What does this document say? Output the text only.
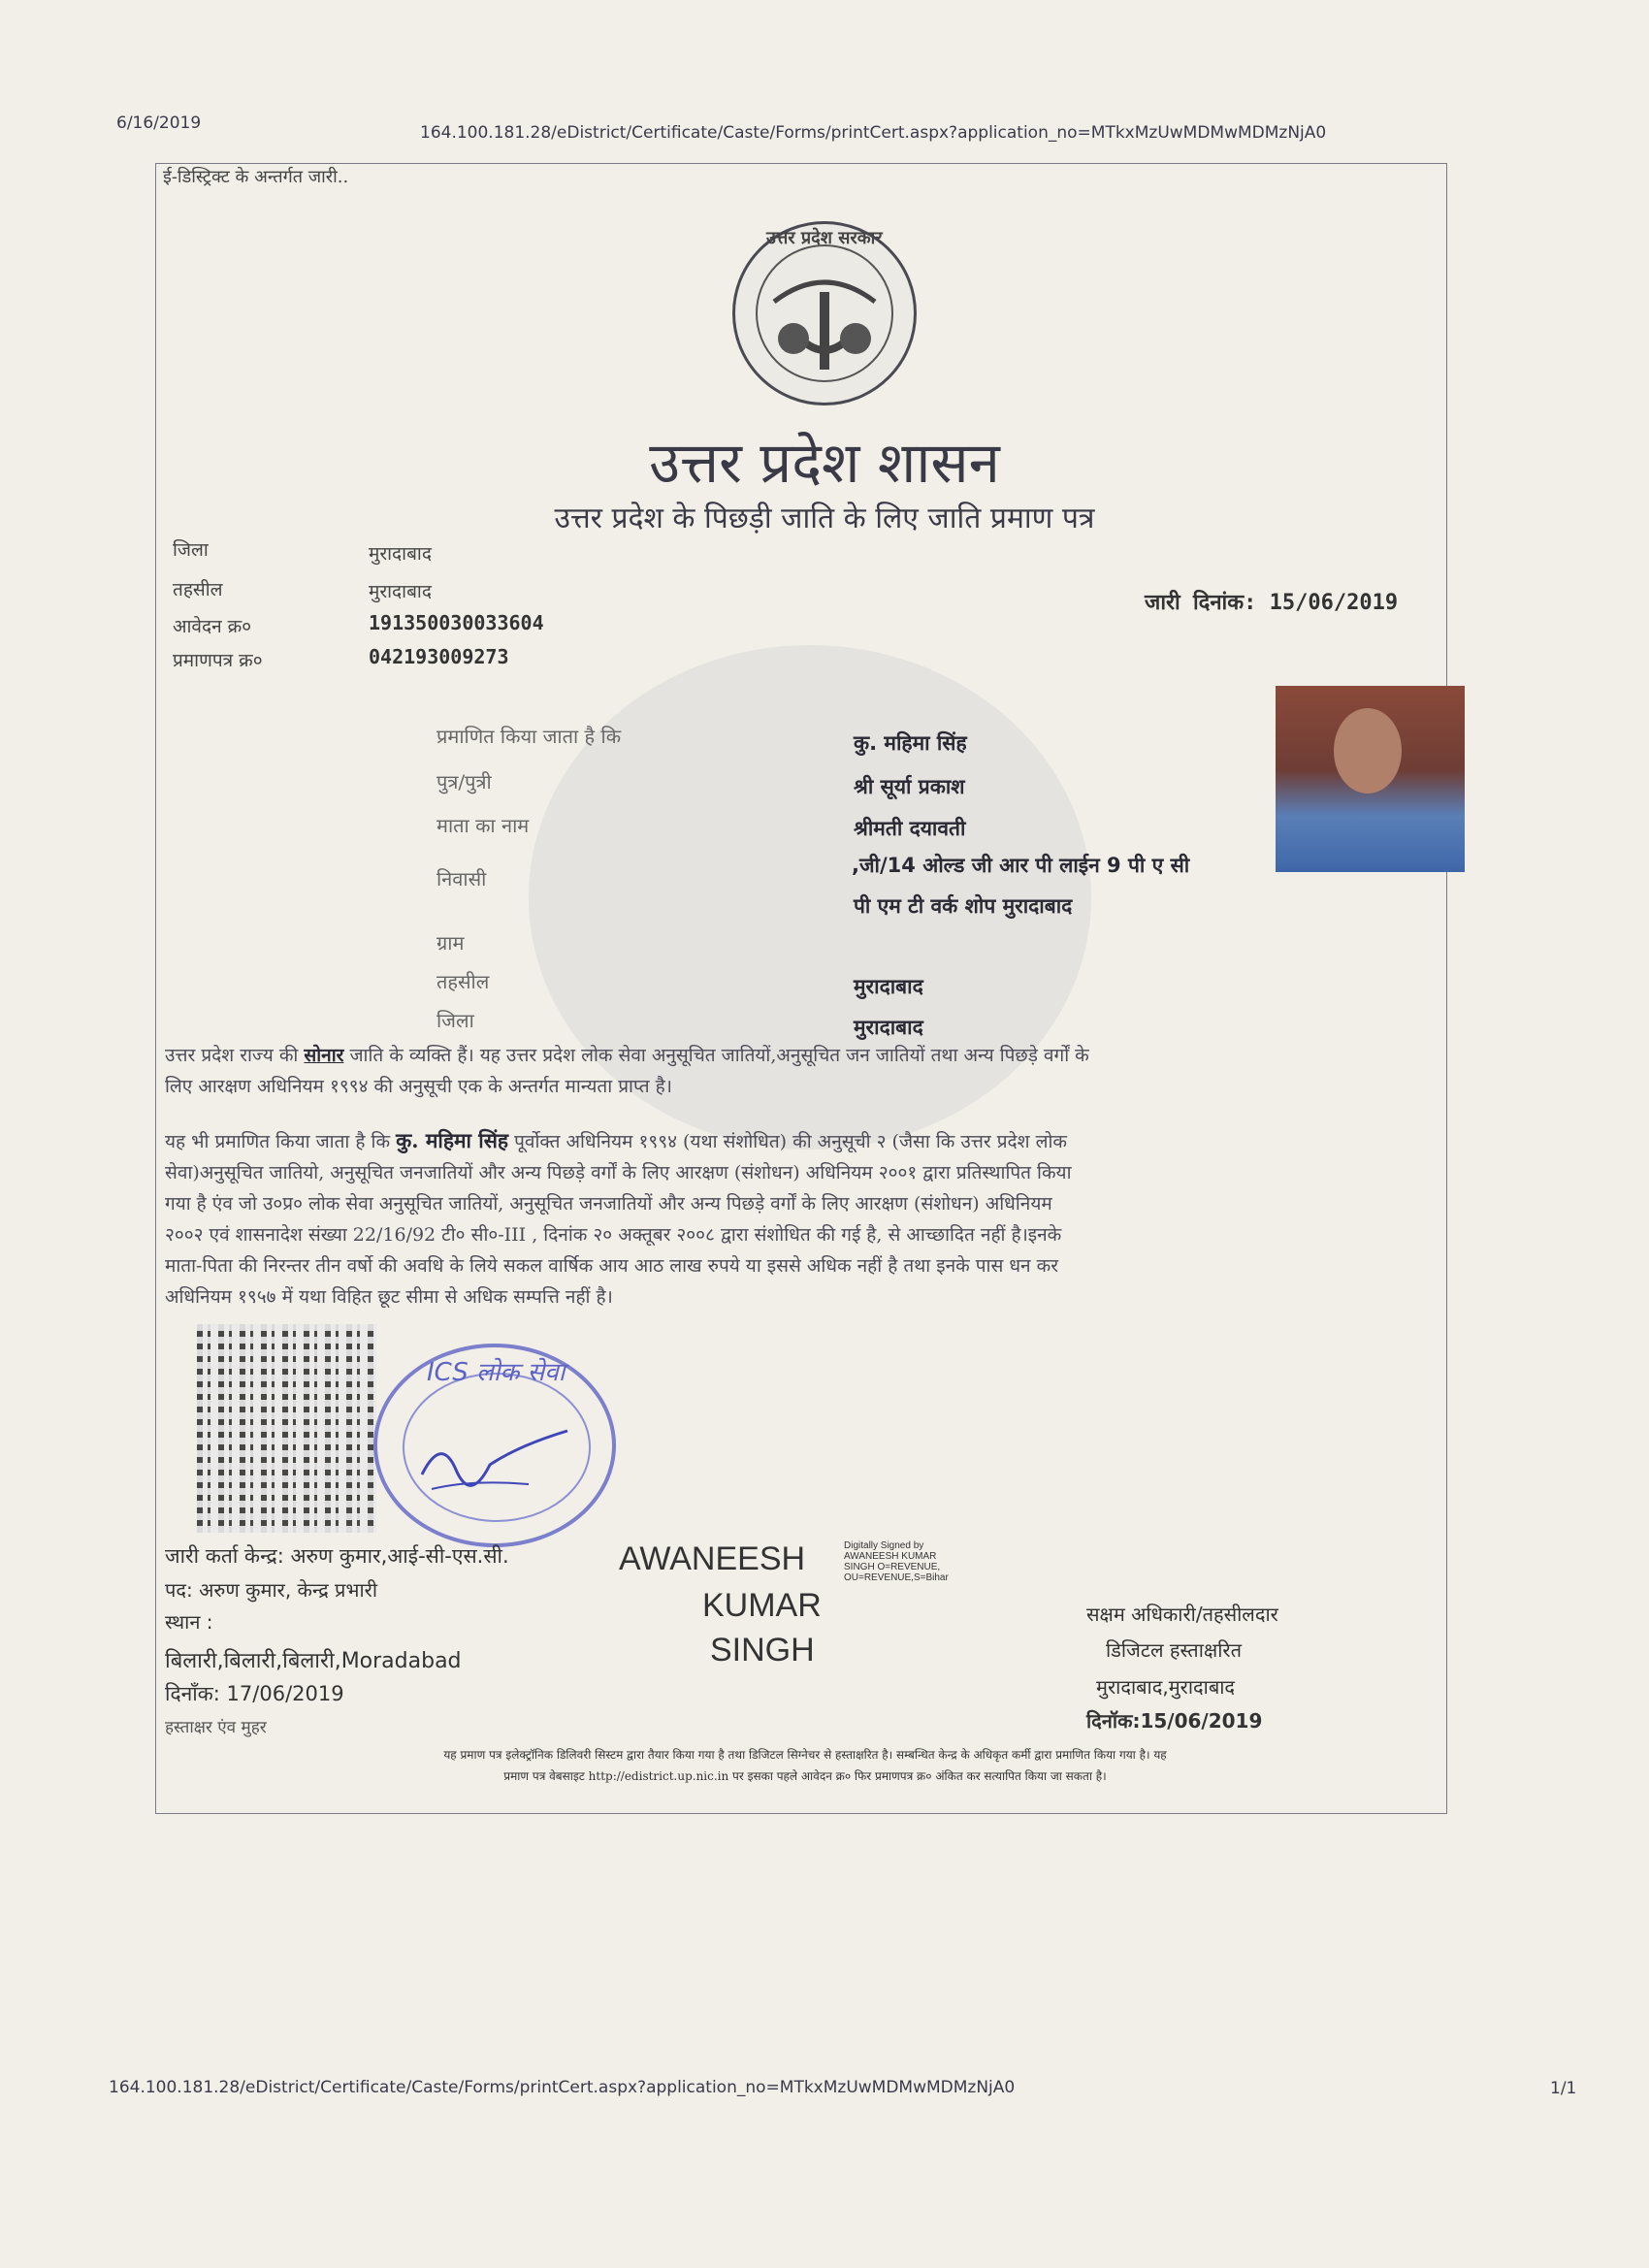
6/16/2019	164.100.181.28/eDistrict/Certificate/Caste/Forms/printCert.aspx?application_no=MTkxMzUwMDMwMDMzNjA0
ई-डिस्ट्रिक्ट के अन्तर्गत जारी..
उत्तर प्रदेश सरकार
उत्तर प्रदेश शासन
उत्तर प्रदेश के पिछड़ी जाति के लिए जाति प्रमाण पत्र
जिला	मुरादाबाद
तहसील	मुरादाबाद
आवेदन क्र०	191350030033604
प्रमाणपत्र क्र०	042193009273
जारी दिनांक: 15/06/2019
प्रमाणित किया जाता है कि	कु. महिमा सिंह
पुत्र/पुत्री	श्री सूर्या प्रकाश
माता का नाम	श्रीमती दयावती
निवासी
,जी/14 ओल्ड जी आर पी लाईन 9 पी ए सी
पी एम टी वर्क शोप मुरादाबाद
ग्राम
तहसील	मुरादाबाद
जिला	मुरादाबाद
उत्तर प्रदेश राज्य की सोनार जाति के व्यक्ति हैं। यह उत्तर प्रदेश लोक सेवा अनुसूचित जातियों,अनुसूचित जन जातियों तथा अन्य पिछड़े वर्गों के
लिए आरक्षण अधिनियम १९९४ की अनुसूची एक के अन्तर्गत मान्यता प्राप्त है।
यह भी प्रमाणित किया जाता है कि कु. महिमा सिंह पूर्वोक्त अधिनियम १९९४ (यथा संशोधित) की अनुसूची २ (जैसा कि उत्तर प्रदेश लोक
सेवा)अनुसूचित जातियो, अनुसूचित जनजातियों और अन्य पिछड़े वर्गों के लिए आरक्षण (संशोधन) अधिनियम २००१ द्वारा प्रतिस्थापित किया
गया है एंव जो उ०प्र० लोक सेवा अनुसूचित जातियों, अनुसूचित जनजातियों और अन्य पिछड़े वर्गों के लिए आरक्षण (संशोधन) अधिनियम
२००२ एवं शासनादेश संख्या 22/16/92 टी० सी०-III , दिनांक २० अक्तूबर २००८ द्वारा संशोधित की गई है, से आच्छादित नहीं है।इनके
माता-पिता की निरन्तर तीन वर्षो की अवधि के लिये सकल वार्षिक आय आठ लाख रुपये या इससे अधिक नहीं है तथा इनके पास धन कर
अधिनियम १९५७ में यथा विहित छूट सीमा से अधिक सम्पत्ति नहीं है।
ICS लोक सेवा
जारी कर्ता केन्द्र: अरुण कुमार,आई-सी-एस.सी.
पद: अरुण कुमार, केन्द्र प्रभारी
स्थान :
बिलारी,बिलारी,बिलारी,Moradabad
दिनाँक: 17/06/2019
हस्ताक्षर एंव मुहर
AWANEESH
KUMAR
SINGH
Digitally Signed by
AWANEESH KUMAR
SINGH O=REVENUE,
OU=REVENUE,S=Bihar
सक्षम अधिकारी/तहसीलदार
डिजिटल हस्ताक्षरित
मुरादाबाद,मुरादाबाद
दिनॉक:15/06/2019
यह प्रमाण पत्र इलेक्ट्रॉनिक डिलिवरी सिस्टम द्वारा तैयार किया गया है तथा डिजिटल सिग्नेचर से हस्ताक्षरित है। सम्बन्धित केन्द्र के अधिकृत कर्मी द्वारा प्रमाणित किया गया है। यह
प्रमाण पत्र वेबसाइट http://edistrict.up.nic.in पर इसका पहले आवेदन क्र० फिर प्रमाणपत्र क्र० अंकित कर सत्यापित किया जा सकता है।
164.100.181.28/eDistrict/Certificate/Caste/Forms/printCert.aspx?application_no=MTkxMzUwMDMwMDMzNjA0	1/1
